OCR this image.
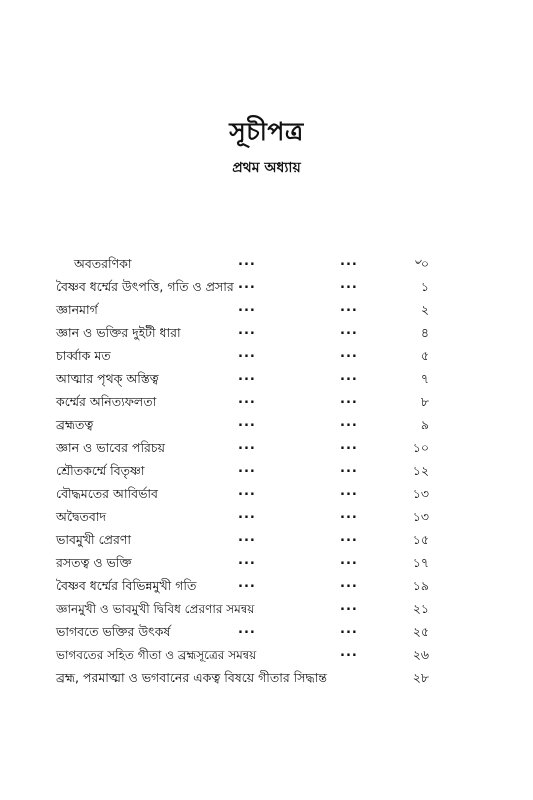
সূচীপত্র
প্রথম অধ্যায়
অবতরণিকা	...	...	৺০
বৈষ্ণব ধর্ম্মের উৎপত্তি, গতি ও প্রসার ...	...	১
জ্ঞানমার্গ	...	...	২
জ্ঞান ও ভক্তির দুইটী ধারা	...	...	৪
চার্ব্বাক মত	...	...	৫
আত্মার পৃথক্ অস্তিত্ব	...	...	৭
কর্ম্মের অনিত্যফলতা	...	...	৮
ব্রহ্মতত্ব	...	...	৯
জ্ঞান ও ভাবের পরিচয়	...	...	১০
শ্রৌতকর্ম্মে বিতৃষ্ণা	...	...	১২
বৌদ্ধমতের আবির্ভাব	...	...	১৩
অদ্বৈতবাদ	...	...	১৩
ভাবমুখী প্রেরণা	...	...	১৫
রসতত্ব ও ভক্তি	...	...	১৭
বৈষ্ণব ধর্ম্মের বিভিন্নমুখী গতি	...	...	১৯
জ্ঞানমুখী ও ভাবমুখী দ্বিবিধ প্রেরণার সমন্বয়	...	২১
ভাগবতে ভক্তির উৎকর্ষ	...	...	২৫
ভাগবতের সহিত গীতা ও ব্রহ্মসূত্রের সমন্বয়	...	২৬
ব্রহ্ম, পরমাত্মা ও ভগবানের একত্ব বিষয়ে গীতার সিদ্ধান্ত	২৮
